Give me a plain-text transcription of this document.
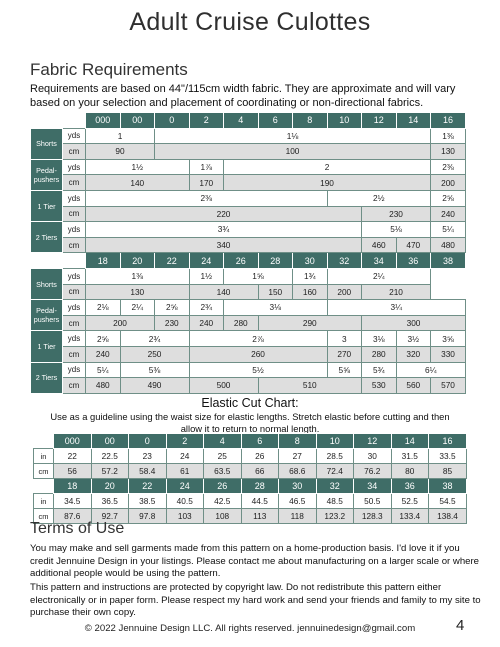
Adult Cruise Culottes
Fabric Requirements
Requirements are based on 44"/115cm width fabric. They are approximate and will vary based on your selection and placement of coordinating or non-directional fabrics.
		000	00	0	2	4	6	8	10	12	14	16
Shorts	yds	1		1⅛								1⅜
	cm	90		100								130
Pedal-pushers	yds	1½			1⅞	2						2⅜
	cm	140			170	190						200
1 Tier	yds	2⅜							2½			2⅝
	cm	220								230		240
2 Tiers	yds	3¾								5⅛		5¼
	cm	340								460	470	480
		18	20	22	24	26	28	30	32	34	36	38
Shorts	yds	1⅜			1½	1⅝		1¾	2¼			
	cm	130			140		150	160	200	210		
Pedal-pushers	yds	2⅛	2¼	2⅝	2¾	3⅛			3¼			
	cm	200		230	240	280	290			300		
1 Tier	yds	2⅝	2¾		2⅞				3	3⅛	3½	3⅝
	cm	240	250		260				270	280	320	330
2 Tiers	yds	5¼	5⅜		5½				5⅝	5¾	6¼	
	cm	480	490		500		510			530	560	570
Elastic Cut Chart:
Use as a guideline using the waist size for elastic lengths. Stretch elastic before cutting and then allow it to return to normal length.
	000	00	0	2	4	6	8	10	12	14	16
in	22	22.5	23	24	25	26	27	28.5	30	31.5	33.5
cm	56	57.2	58.4	61	63.5	66	68.6	72.4	76.2	80	85
	18	20	22	24	26	28	30	32	34	36	38
in	34.5	36.5	38.5	40.5	42.5	44.5	46.5	48.5	50.5	52.5	54.5
cm	87.6	92.7	97.8	103	108	113	118	123.2	128.3	133.4	138.4
Terms of Use
You may make and sell garments made from this pattern on a home-production basis. I'd love it if you credit Jennuine Design in your listings. Please contact me about manufacturing on a larger scale or where additional people would be using the pattern.
This pattern and instructions are protected by copyright law. Do not redistribute this pattern either electronically or in paper form. Please respect my hard work and send your friends and family to my site to purchase their own copy.
© 2022 Jennuine Design LLC. All rights reserved. jennuinedesign@gmail.com	4
